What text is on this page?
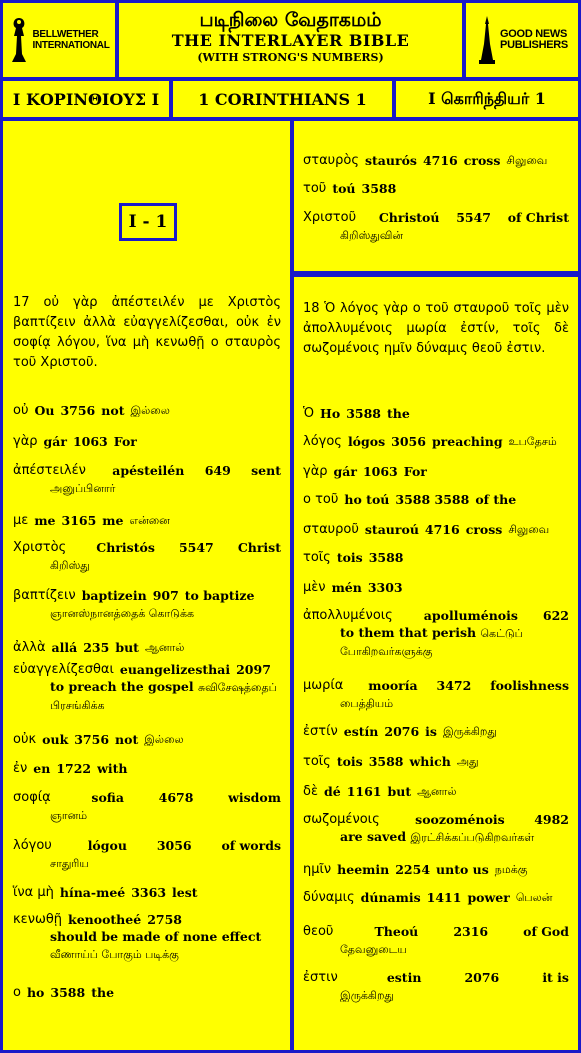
BELLWETHER
INTERNATIONAL
படிநிலை வேதாகமம்
THE INTERLAYER BIBLE
(WITH STRONG'S NUMBERS)
GOOD NEWS
PUBLISHERS
I ΚΟΡΙΝΘΙΟΥΣ I 1 CORINTHIANS 1	I கொரிந்தியர் 1
I - 1
17 οὐ γὰρ ἀπέστειλέν με Χριστὸς βαπτίζειν ἀλλὰ εὐαγγελίζεσθαι, οὐκ ἐν σοφίᾳ λόγου, ἵνα μὴ κενωθῇ ο σταυρὸς τοῦ Χριστοῦ.
οὐ Ou 3756 not இல்லை
γὰρ gár 1063 For
ἀπέστειλέν apésteilén 649 sent
அனுப்பினார்
με me 3165 me என்னை
Χριστὸς Christós 5547 Christ
கிறிஸ்து
βαπτίζειν baptizein 907 to baptize
ஞானஸ்நானத்தைக் கொடுக்க
ἀλλὰ allá 235 but ஆனால்
εὐαγγελίζεσθαι euangelizesthai 2097
to preach the gospel சுவிசேஷத்தைப் பிரசங்கிக்க
οὐκ ouk 3756 not இல்லை
ἐν en 1722 with
σοφίᾳ	sofia	4678	wisdom
ஞானம்
λόγου	lógou 3056 of words
சாதுரிய
ἵνα μὴ hína-meé 3363 lest
κενωθῇ kenootheé 2758
should be made of none effect வீணாய்ப் போகும் படிக்கு
ο ho 3588 the
σταυρὸς staurós 4716 cross சிலுவை
τοῦ toú 3588
Χριστοῦ Christoú 5547 of Christ
கிறிஸ்துவின்
18 Ὁ λόγος γὰρ ο τοῦ σταυροῦ τοῖς μὲν ἀπολλυμένοις μωρία ἐστίν, τοῖς δὲ σωζομένοις ημῖν δύναμις θεοῦ ἐστιν.
Ὁ Ho 3588 the
λόγος lógos 3056 preaching உபதேசம்
γὰρ gár 1063 For
ο τοῦ ho toú 3588 3588 of the
σταυροῦ staurоú 4716 cross சிலுவை
τοῖς tois 3588
μὲν mén 3303
ἀπολλυμένοις apolluménois 622
to them that perish கெட்டுப் போகிறவர்களுக்கு
μωρία mooría 3472 foolishness
பைத்தியம்
ἐστίν estín 2076 is இருக்கிறது
τοῖς tois 3588 which அது
δὲ dé 1161 but ஆனால்
σωζομένοις	soozoménois 4982
are saved இரட்சிக்கப்படுகிறவர்கள்
ημῖν heemin 2254 unto us நமக்கு
δύναμις dúnamis 1411 power பெலன்
θεοῦ	Theoú	2316	of God
தேவனுடைய
ἐστιν	estin	2076	it is
இருக்கிறது
